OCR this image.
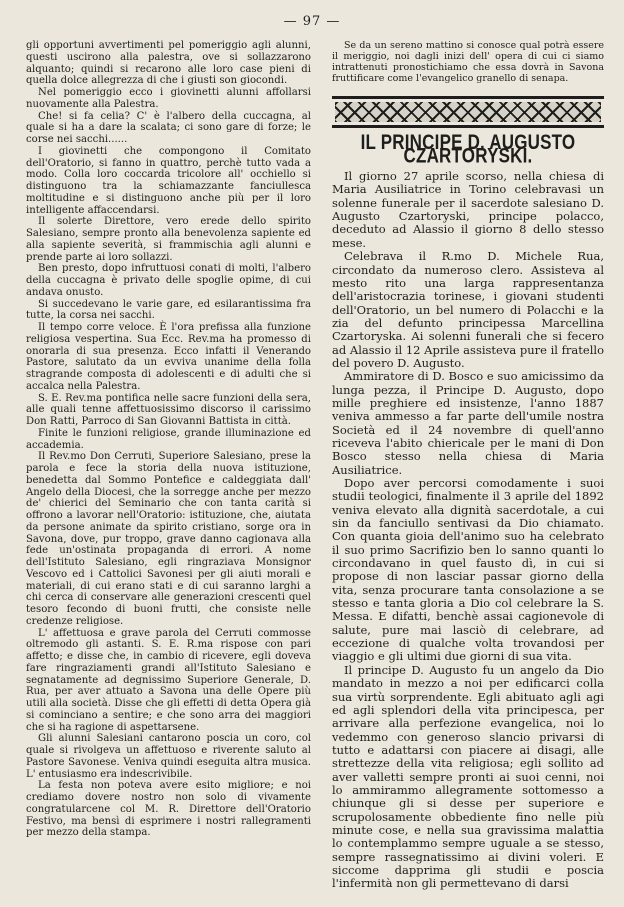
— 97 —

gli opportuni avvertimenti pel pomeriggio agli alunni, questi uscirono alla palestra, ove si sollazzarono alquanto; quindi si recarono alle loro case pieni di quella dolce allegrezza di che i giusti son giocondi.

Nel pomeriggio ecco i giovinetti alunni affollarsi nuovamente alla Palestra.

Che! si fa celia? C' è l'albero della cuccagna, al quale si ha a dare la scalata; ci sono gare di forze; le corse nei sacchi......

I giovinetti che compongono il Comitato dell'Oratorio, si fanno in quattro, perchè tutto vada a modo. Colla loro coccarda tricolore all' occhiello si distinguono tra la schiamazzante fanciullesca moltitudine e si distinguono anche più per il loro intelligente affaccendarsi.

Il solerte Direttore, vero erede dello spirito Salesiano, sempre pronto alla benevolenza sapiente ed alla sapiente severità, si frammischia agli alunni e prende parte ai loro sollazzi.

Ben presto, dopo infruttuosi conati di molti, l'albero della cuccagna è privato delle spoglie opime, di cui andava onusto.

Si succedevano le varie gare, ed esilarantissima fra tutte, la corsa nei sacchi.

Il tempo corre veloce. È l'ora prefissa alla funzione religiosa vespertina. Sua Ecc. Rev.ma ha promesso di onorarla di sua presenza. Ecco infatti il Venerando Pastore, salutato da un evviva unanime della folla stragrande composta di adolescenti e di adulti che si accalca nella Palestra.

S. E. Rev.ma pontifica nelle sacre funzioni della sera, alle quali tenne affettuosissimo discorso il carissimo Don Ratti, Parroco di San Giovanni Battista in città.

Finite le funzioni religiose, grande illuminazione ed accademia.

Il Rev.mo Don Cerruti, Superiore Salesiano, prese la parola e fece la storia della nuova istituzione, benedetta dal Sommo Pontefice e caldeggiata dall' Angelo della Diocesi, che la sorregge anche per mezzo de' chierici del Seminario che con tanta carità si offrono a lavorar nell'Oratorio: istituzione, che, aiutata da persone animate da spirito cristiano, sorge ora in Savona, dove, pur troppo, grave danno cagionava alla fede un'ostinata propaganda di errori. A nome dell'Istituto Salesiano, egli ringraziava Monsignor Vescovo ed i Cattolici Savonesi per gli aiuti morali e materiali, di cui erano stati e di cui saranno larghi a chi cerca di conservare alle generazioni crescenti quel tesoro fecondo di buoni frutti, che consiste nelle credenze religiose.

L' affettuosa e grave parola del Cerruti commosse oltremodo gli astanti. S. E. R.ma rispose con pari affetto; e disse che, in cambio di ricevere, egli doveva fare ringraziamenti grandi all'Istituto Salesiano e segnatamente ad degnissimo Superiore Generale, D. Rua, per aver attuato a Savona una delle Opere più utili alla società. Disse che gli effetti di detta Opera già si cominciano a sentire; e che sono arra dei maggiori che si ha ragione di aspettarsene.

Gli alunni Salesiani cantarono poscia un coro, col quale si rivolgeva un affettuoso e riverente saluto al Pastore Savonese. Veniva quindi eseguita altra musica. L' entusiasmo era indescrivibile.

La festa non poteva avere esito migliore; e noi crediamo dovere nostro non solo di vivamente congratularcene col M. R. Direttore dell'Oratorio Festivo, ma bensì di esprimere i nostri rallegramenti per mezzo della stampa.

Se da un sereno mattino si conosce qual potrà essere il meriggio, noi dagli inizi dell' opera di cui ci siamo intrattenuti pronostichiamo che essa dovrà in Savona fruttificare come l'evangelico granello di senapa.

IL PRINCIPE D. AUGUSTO CZARTORYSKI.

Il giorno 27 aprile scorso, nella chiesa di Maria Ausiliatrice in Torino celebravasi un solenne funerale per il sacerdote salesiano D. Augusto Czartoryski, principe polacco, deceduto ad Alassio il giorno 8 dello stesso mese.

Celebrava il R.mo D. Michele Rua, circondato da numeroso clero. Assisteva al mesto rito una larga rappresentanza dell'aristocrazia torinese, i giovani studenti dell'Oratorio, un bel numero di Polacchi e la zia del defunto principessa Marcellina Czartoryska. Ai solenni funerali che si fecero ad Alassio il 12 Aprile assisteva pure il fratello del povero D. Augusto.

Ammiratore di D. Bosco e suo amicissimo da lunga pezza, il Principe D. Augusto, dopo mille preghiere ed insistenze, l'anno 1887 veniva ammesso a far parte dell'umile nostra Società ed il 24 novembre di quell'anno riceveva l'abito chiericale per le mani di Don Bosco stesso nella chiesa di Maria Ausiliatrice.

Dopo aver percorsi comodamente i suoi studii teologici, finalmente il 3 aprile del 1892 veniva elevato alla dignità sacerdotale, a cui sin da fanciullo sentivasi da Dio chiamato. Con quanta gioia dell'animo suo ha celebrato il suo primo Sacrifizio ben lo sanno quanti lo circondavano in quel fausto dì, in cui si propose di non lasciar passar giorno della vita, senza procurare tanta consolazione a se stesso e tanta gloria a Dio col celebrare la S. Messa. E difatti, benchè assai cagionevole di salute, pure mai lasciò di celebrare, ad eccezione di qualche volta trovandosi per viaggio e gli ultimi due giorni di sua vita.

Il principe D. Augusto fu un angelo da Dio mandato in mezzo a noi per edificarci colla sua virtù sorprendente. Egli abituato agli agi ed agli splendori della vita principesca, per arrivare alla perfezione evangelica, noi lo vedemmo con generoso slancio privarsi di tutto e adattarsi con piacere ai disagi, alle strettezze della vita religiosa; egli sollito ad aver valletti sempre pronti ai suoi cenni, noi lo ammirammo allegramente sottomesso a chiunque gli si desse per superiore e scrupolosamente obbediente fino nelle più minute cose, e nella sua gravissima malattia lo contemplammo sempre uguale a se stesso, sempre rassegnatissimo ai divini voleri. E siccome dapprima gli studii e poscia l'infermità non gli permettevano di darsi
